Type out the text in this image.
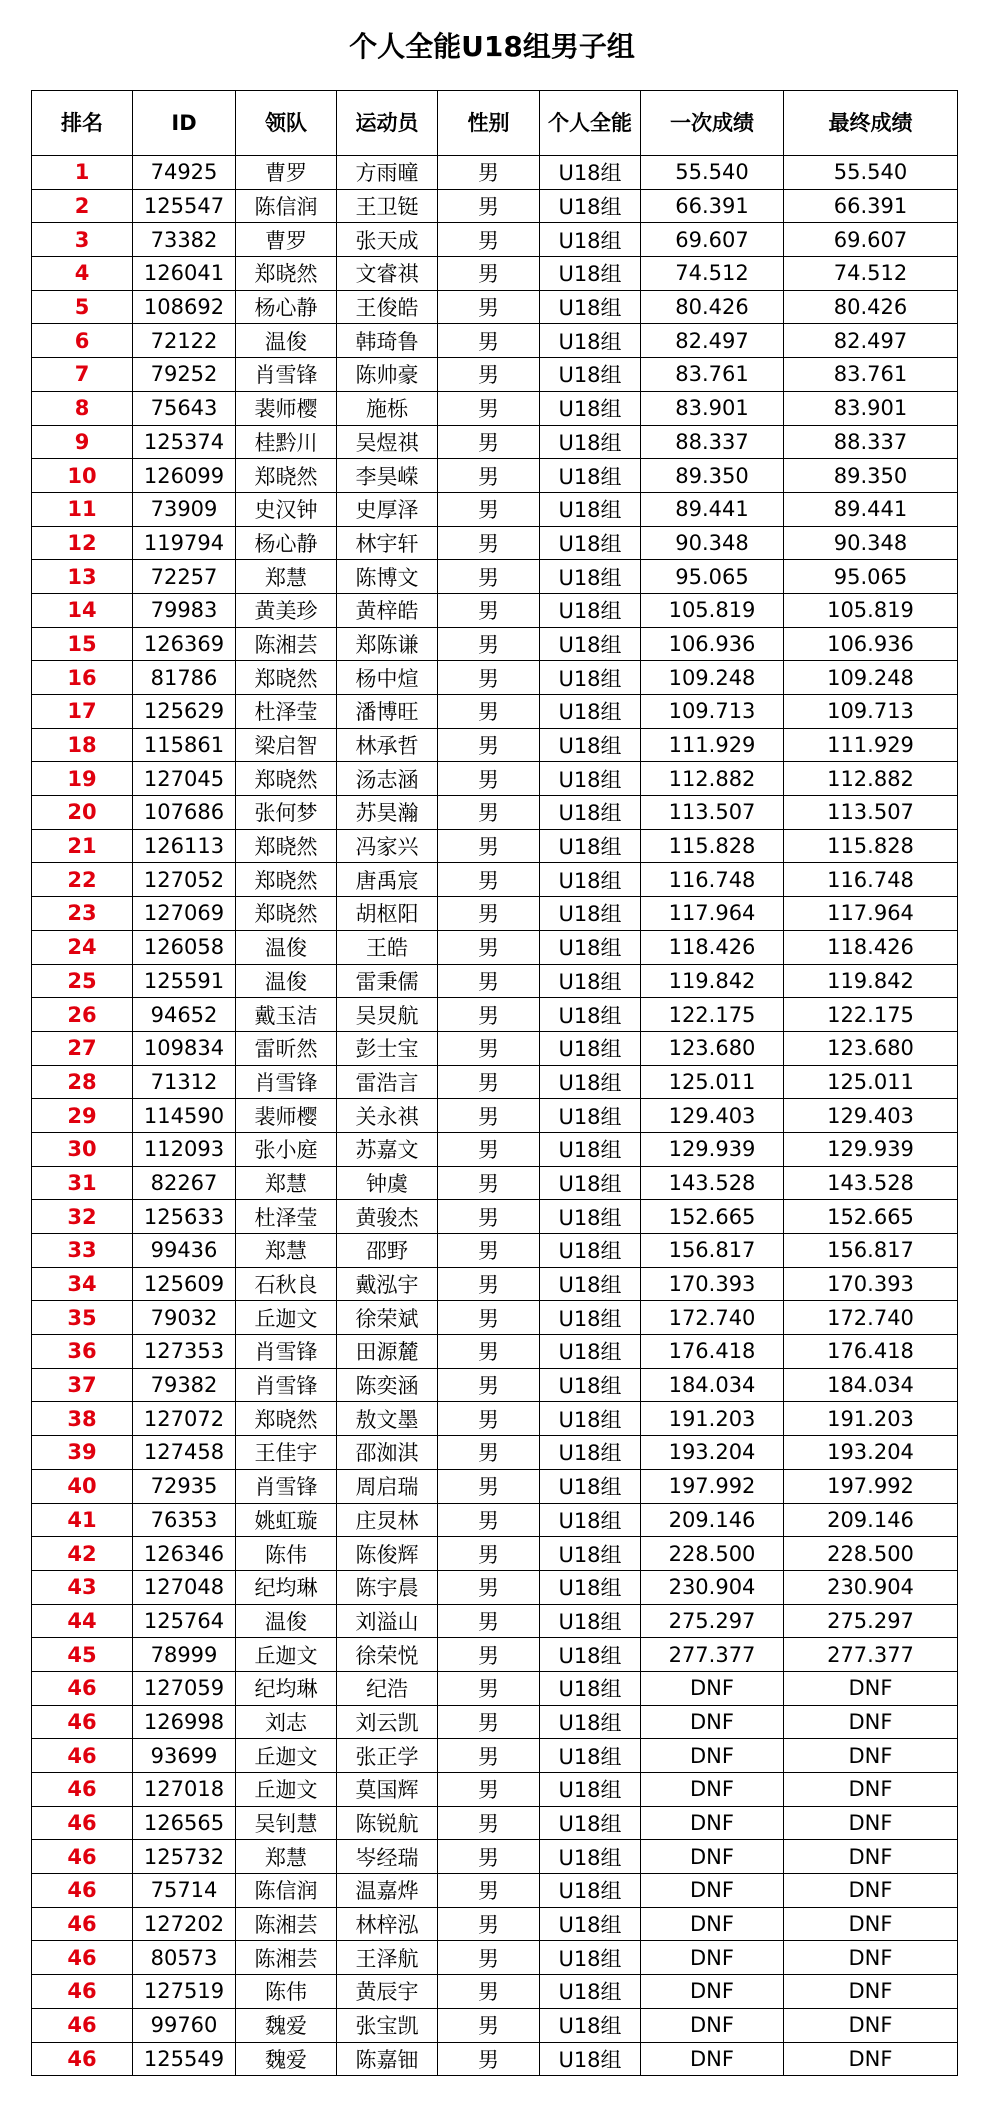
个人全能U18组男子组
排名	ID	领队	运动员	性别	个人全能	一次成绩	最终成绩
1	74925	曹罗	方雨曈	男	U18组	55.540	55.540
2	125547	陈信润	王卫铤	男	U18组	66.391	66.391
3	73382	曹罗	张天成	男	U18组	69.607	69.607
4	126041	郑晓然	文睿祺	男	U18组	74.512	74.512
5	108692	杨心静	王俊皓	男	U18组	80.426	80.426
6	72122	温俊	韩琦鲁	男	U18组	82.497	82.497
7	79252	肖雪锋	陈帅豪	男	U18组	83.761	83.761
8	75643	裴师樱	施栎	男	U18组	83.901	83.901
9	125374	桂黔川	吴煜祺	男	U18组	88.337	88.337
10	126099	郑晓然	李昊嵘	男	U18组	89.350	89.350
11	73909	史汉钟	史厚泽	男	U18组	89.441	89.441
12	119794	杨心静	林宇轩	男	U18组	90.348	90.348
13	72257	郑慧	陈博文	男	U18组	95.065	95.065
14	79983	黄美珍	黄梓皓	男	U18组	105.819	105.819
15	126369	陈湘芸	郑陈谦	男	U18组	106.936	106.936
16	81786	郑晓然	杨中煊	男	U18组	109.248	109.248
17	125629	杜泽莹	潘博旺	男	U18组	109.713	109.713
18	115861	梁启智	林承哲	男	U18组	111.929	111.929
19	127045	郑晓然	汤志涵	男	U18组	112.882	112.882
20	107686	张何梦	苏昊瀚	男	U18组	113.507	113.507
21	126113	郑晓然	冯家兴	男	U18组	115.828	115.828
22	127052	郑晓然	唐禹宸	男	U18组	116.748	116.748
23	127069	郑晓然	胡枢阳	男	U18组	117.964	117.964
24	126058	温俊	王皓	男	U18组	118.426	118.426
25	125591	温俊	雷秉儒	男	U18组	119.842	119.842
26	94652	戴玉洁	吴炅航	男	U18组	122.175	122.175
27	109834	雷昕然	彭士宝	男	U18组	123.680	123.680
28	71312	肖雪锋	雷浩言	男	U18组	125.011	125.011
29	114590	裴师樱	关永祺	男	U18组	129.403	129.403
30	112093	张小庭	苏嘉文	男	U18组	129.939	129.939
31	82267	郑慧	钟虞	男	U18组	143.528	143.528
32	125633	杜泽莹	黄骏杰	男	U18组	152.665	152.665
33	99436	郑慧	邵野	男	U18组	156.817	156.817
34	125609	石秋良	戴泓宇	男	U18组	170.393	170.393
35	79032	丘迦文	徐荣斌	男	U18组	172.740	172.740
36	127353	肖雪锋	田源麓	男	U18组	176.418	176.418
37	79382	肖雪锋	陈奕涵	男	U18组	184.034	184.034
38	127072	郑晓然	敖文墨	男	U18组	191.203	191.203
39	127458	王佳宇	邵洳淇	男	U18组	193.204	193.204
40	72935	肖雪锋	周启瑞	男	U18组	197.992	197.992
41	76353	姚虹璇	庄炅林	男	U18组	209.146	209.146
42	126346	陈伟	陈俊辉	男	U18组	228.500	228.500
43	127048	纪均琳	陈宇晨	男	U18组	230.904	230.904
44	125764	温俊	刘溢山	男	U18组	275.297	275.297
45	78999	丘迦文	徐荣悦	男	U18组	277.377	277.377
46	127059	纪均琳	纪浩	男	U18组	DNF	DNF
46	126998	刘志	刘云凯	男	U18组	DNF	DNF
46	93699	丘迦文	张正学	男	U18组	DNF	DNF
46	127018	丘迦文	莫国辉	男	U18组	DNF	DNF
46	126565	吴钊慧	陈锐航	男	U18组	DNF	DNF
46	125732	郑慧	岑经瑞	男	U18组	DNF	DNF
46	75714	陈信润	温嘉烨	男	U18组	DNF	DNF
46	127202	陈湘芸	林梓泓	男	U18组	DNF	DNF
46	80573	陈湘芸	王泽航	男	U18组	DNF	DNF
46	127519	陈伟	黄辰宇	男	U18组	DNF	DNF
46	99760	魏爱	张宝凯	男	U18组	DNF	DNF
46	125549	魏爱	陈嘉钿	男	U18组	DNF	DNF
